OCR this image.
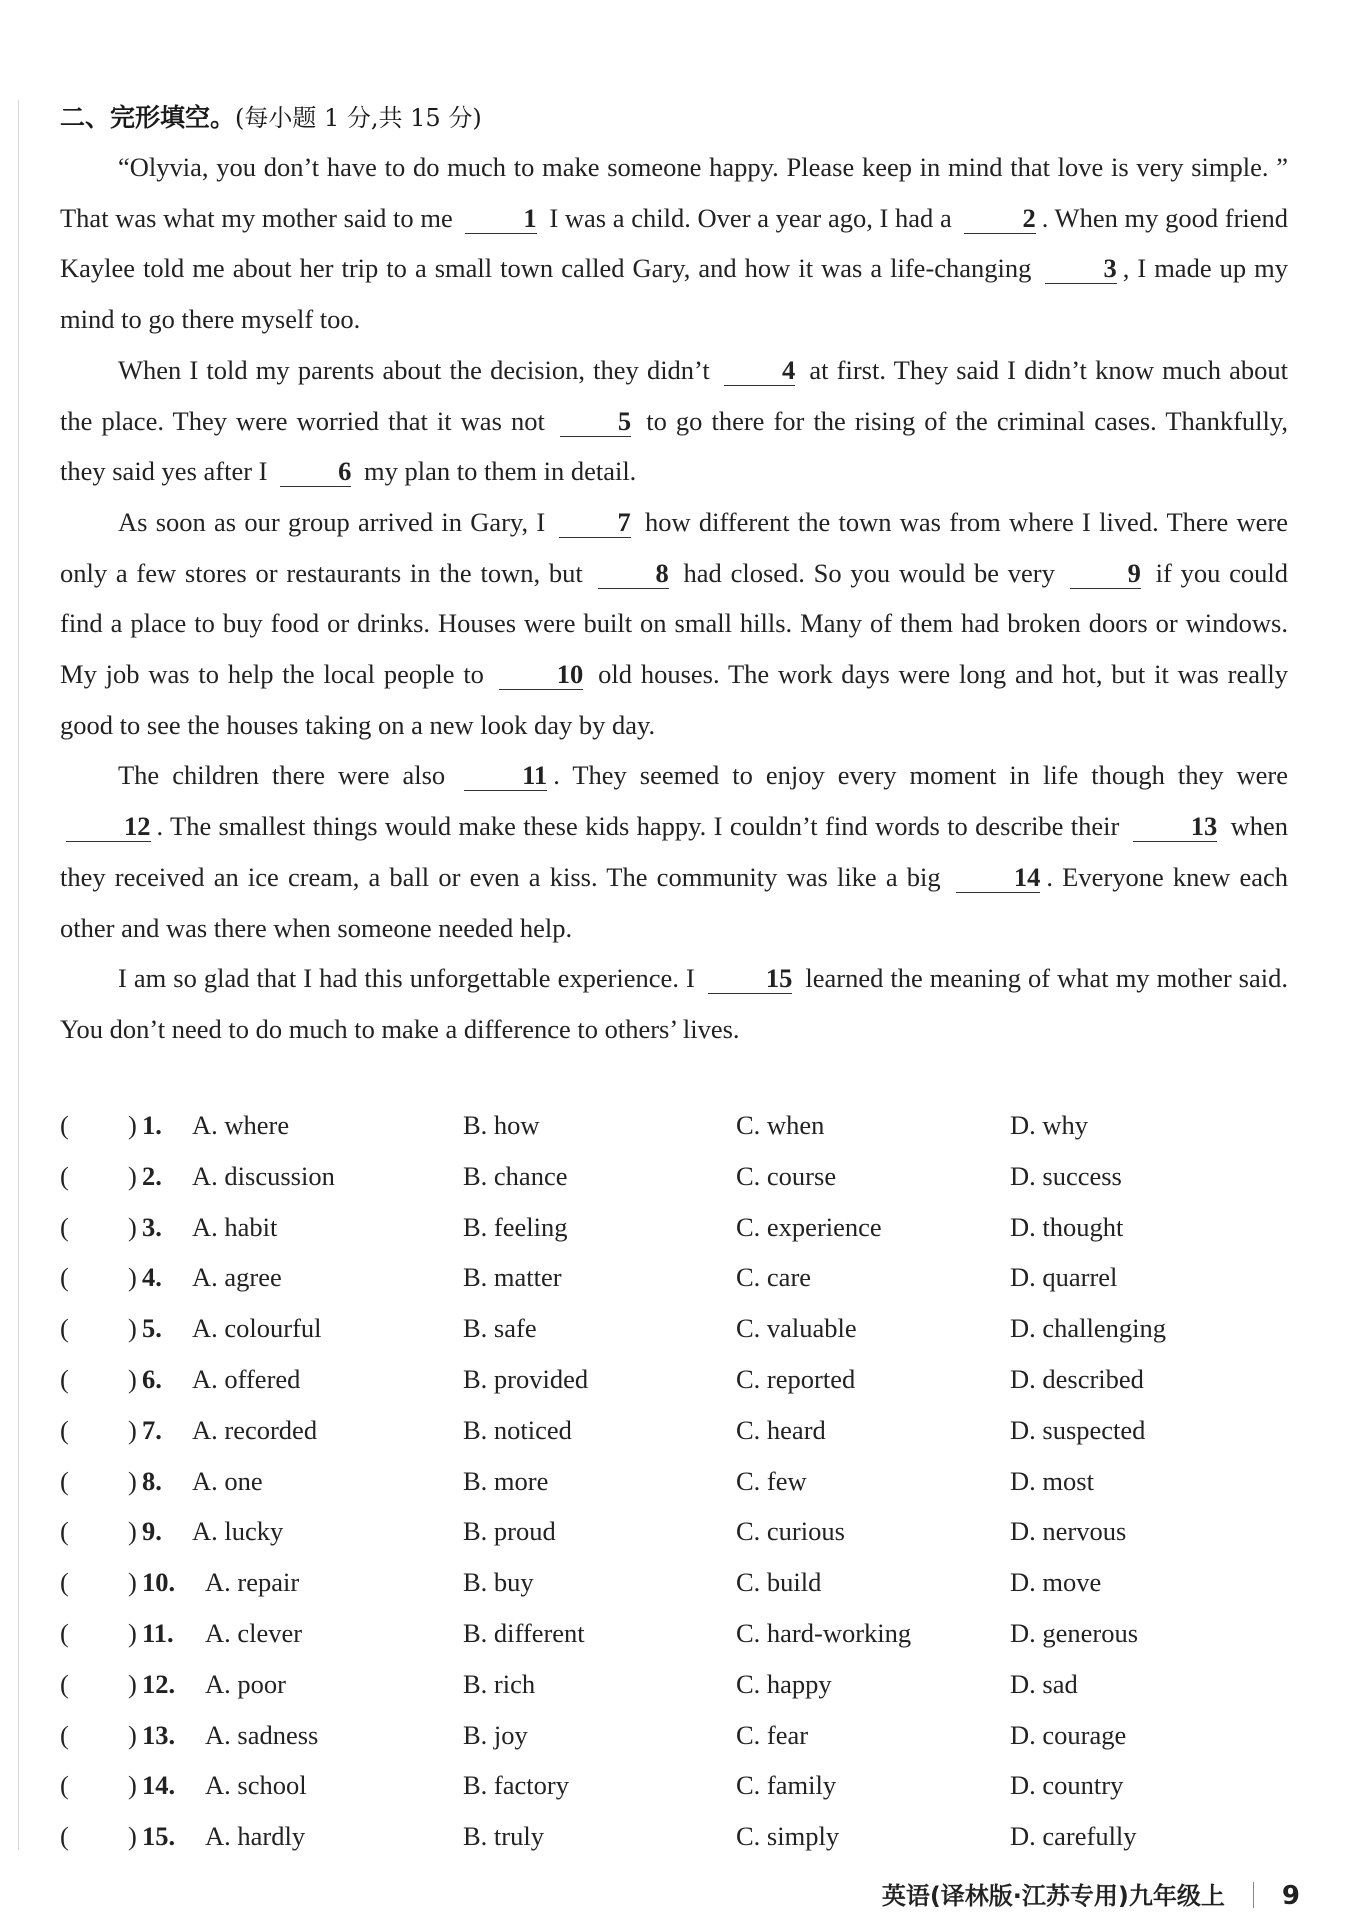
二、完形填空。(每小题 1 分,共 15 分)

“Olyvia, you don’t have to do much to make someone happy. Please keep in mind that love is very simple. ” That was what my mother said to me	1 I was a child. Over a year ago, I had a	2 . When my good friend Kaylee told me about her trip to a small town called Gary, and how it was a life-changing	3 , I made up my mind to go there myself too.

When I told my parents about the decision, they didn’t	4 at first. They said I didn’t know much about the place. They were worried that it was not	5 to go there for the rising of the criminal cases. Thankfully, they said yes after I	6 my plan to them in detail.

As soon as our group arrived in Gary, I	7 how different the town was from where I lived. There were only a few stores or restaurants in the town, but	8 had closed. So you would be very	9 if you could find a place to buy food or drinks. Houses were built on small hills. Many of them had broken doors or windows. My job was to help the local people to	10 old houses. The work days were long and hot, but it was really good to see the houses taking on a new look day by day.

The children there were also	11 . They seemed to enjoy every moment in life though they were 12 . The smallest things would make these kids happy. I couldn’t find words to describe their	13 when they received an ice cream, a ball or even a kiss. The community was like a big	14 . Everyone knew each other and was there when someone needed help.

I am so glad that I had this unforgettable experience. I	15 learned the meaning of what my mother said. You don’t need to do much to make a difference to others’ lives.

( ) 1. A. where	B. how	C. when	D. why
( ) 2. A. discussion	B. chance	C. course	D. success
( ) 3. A. habit	B. feeling	C. experience	D. thought
( ) 4. A. agree	B. matter	C. care	D. quarrel
( ) 5. A. colourful	B. safe	C. valuable	D. challenging
( ) 6. A. offered	B. provided	C. reported	D. described
( ) 7. A. recorded	B. noticed	C. heard	D. suspected
( ) 8. A. one	B. more	C. few	D. most
( ) 9. A. lucky	B. proud	C. curious	D. nervous
( ) 10. A. repair	B. buy	C. build	D. move
( ) 11. A. clever	B. different	C. hard-working	D. generous
( ) 12. A. poor	B. rich	C. happy	D. sad
( ) 13. A. sadness	B. joy	C. fear	D. courage
( ) 14. A. school	B. factory	C. family	D. country
( ) 15. A. hardly	B. truly	C. simply	D. carefully
英语(译林版·江苏专用)九年级上 9
